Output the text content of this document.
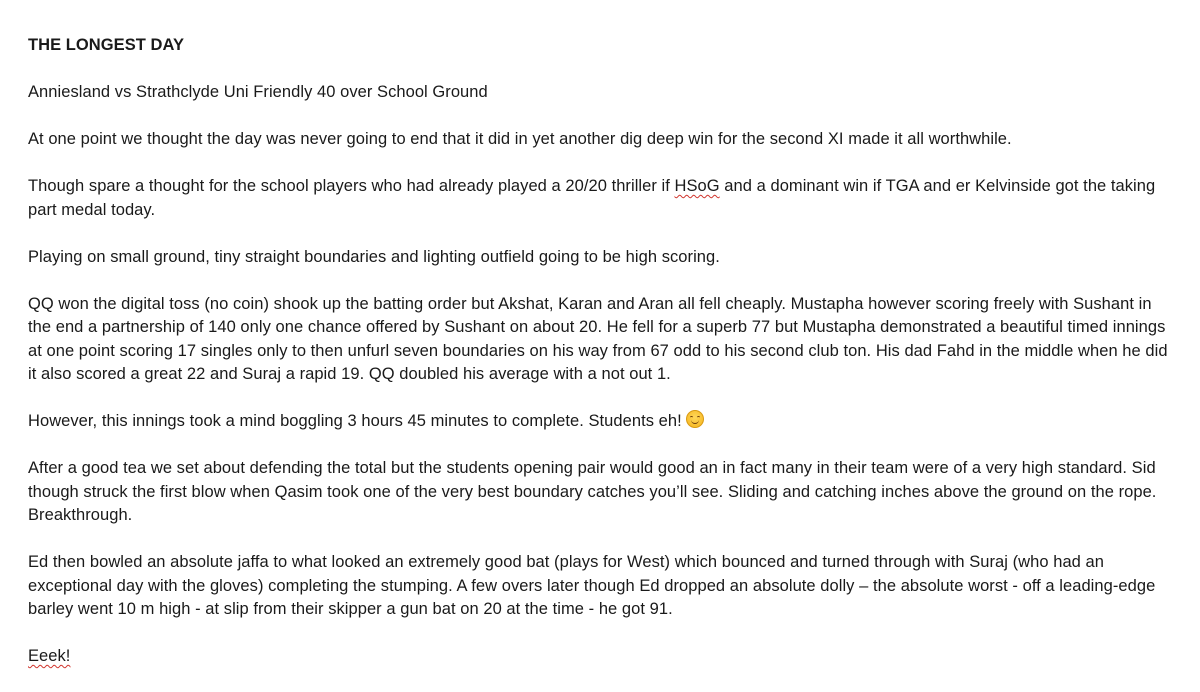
THE LONGEST DAY

Anniesland vs Strathclyde Uni Friendly 40 over School Ground

At one point we thought the day was never going to end that it did in yet another dig deep win for the second XI made it all worthwhile.

Though spare a thought for the school players who had already played a 20/20 thriller if HSoG and a dominant win if TGA and er Kelvinside got the taking part medal today.

Playing on small ground, tiny straight boundaries and lighting outfield going to be high scoring.

QQ won the digital toss (no coin) shook up the batting order but Akshat, Karan and Aran all fell cheaply. Mustapha however scoring freely with Sushant in the end a partnership of 140 only one chance offered by Sushant on about 20. He fell for a superb 77 but Mustapha demonstrated a beautiful timed innings at one point scoring 17 singles only to then unfurl seven boundaries on his way from 67 odd to his second club ton. His dad Fahd in the middle when he did it also scored a great 22 and Suraj a rapid 19. QQ doubled his average with a not out 1.

However, this innings took a mind boggling 3 hours 45 minutes to complete. Students eh!

After a good tea we set about defending the total but the students opening pair would good an in fact many in their team were of a very high standard. Sid though struck the first blow when Qasim took one of the very best boundary catches you’ll see. Sliding and catching inches above the ground on the rope. Breakthrough.

Ed then bowled an absolute jaffa to what looked an extremely good bat (plays for West) which bounced and turned through with Suraj (who had an exceptional day with the gloves) completing the stumping. A few overs later though Ed dropped an absolute dolly – the absolute worst - off a leading-edge barley went 10 m high - at slip from their skipper a gun bat on 20 at the time - he got 91.

Eeek!
